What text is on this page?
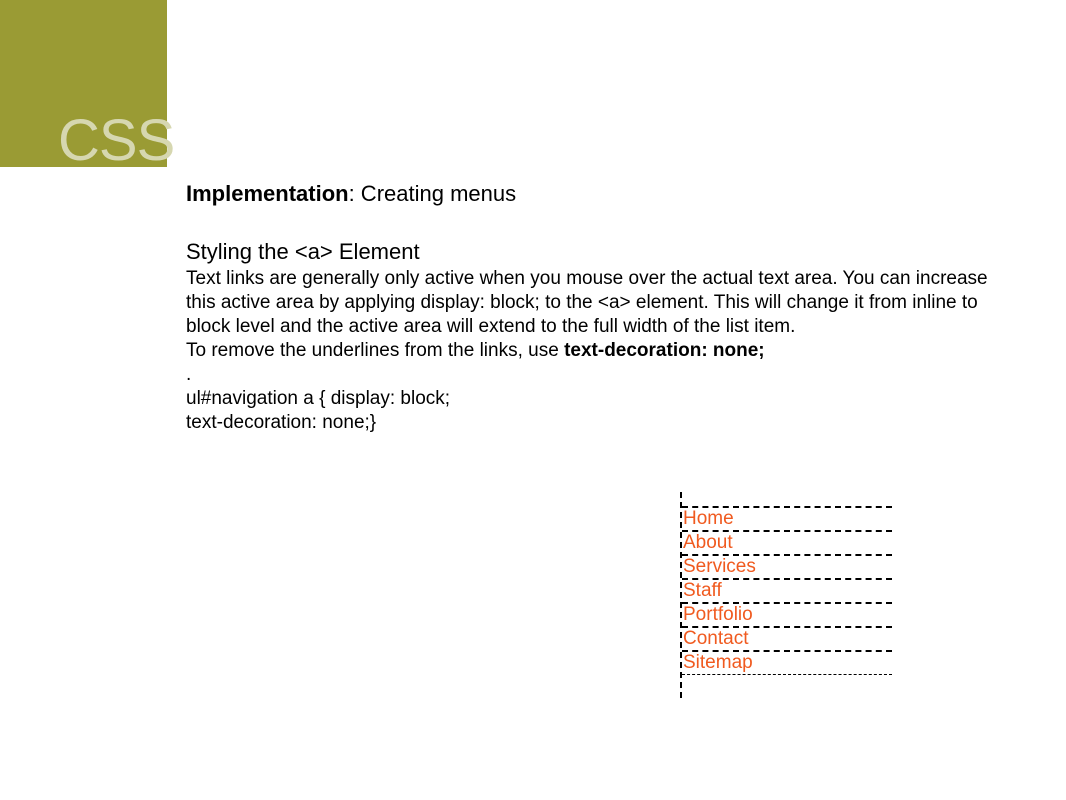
CSS

Implementation: Creating menus

Styling the <a> Element

Text links are generally only active when you mouse over the actual text area. You can increase this active area by applying display: block; to the <a> element. This will change it from inline to block level and the active area will extend to the full width of the list item.

To remove the underlines from the links, use text-decoration: none;

.

ul#navigation a { display: block;

text-decoration: none;}

Home
About
Services
Staff
Portfolio
Contact
Sitemap
